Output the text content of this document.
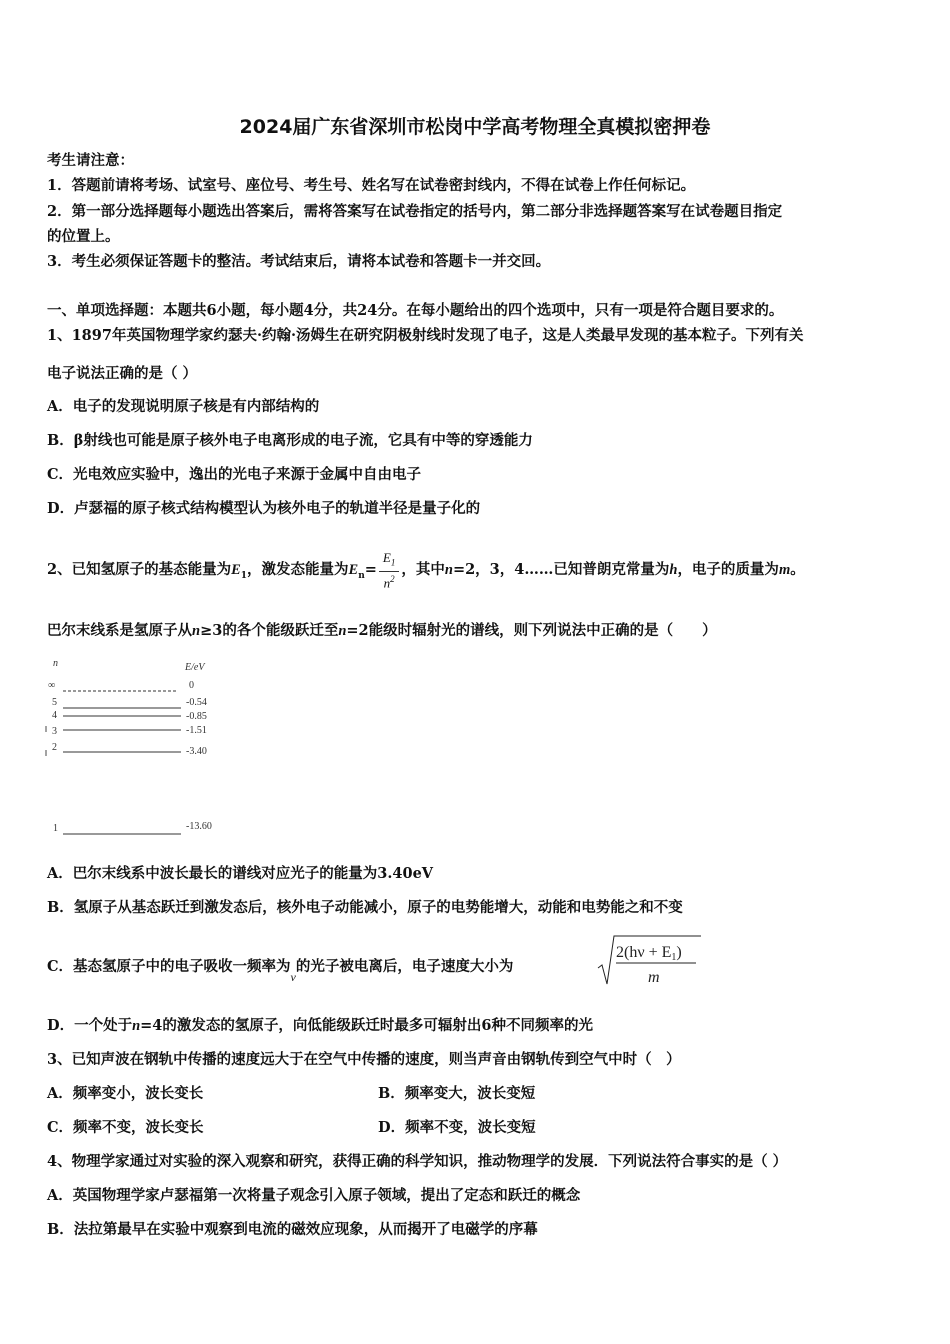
2024届广东省深圳市松岗中学高考物理全真模拟密押卷
考生请注意：
1．答题前请将考场、试室号、座位号、考生号、姓名写在试卷密封线内，不得在试卷上作任何标记。
2．第一部分选择题每小题选出答案后，需将答案写在试卷指定的括号内，第二部分非选择题答案写在试卷题目指定
的位置上。
3．考生必须保证答题卡的整洁。考试结束后，请将本试卷和答题卡一并交回。
一、单项选择题：本题共6小题，每小题4分，共24分。在每小题给出的四个选项中，只有一项是符合题目要求的。
1、1897年英国物理学家约瑟夫·约翰·汤姆生在研究阴极射线时发现了电子，这是人类最早发现的基本粒子。下列有关
电子说法正确的是（ ）
A．电子的发现说明原子核是有内部结构的
B．β射线也可能是原子核外电子电离形成的电子流，它具有中等的穿透能力
C．光电效应实验中，逸出的光电子来源于金属中自由电子
D．卢瑟福的原子核式结构模型认为核外电子的轨道半径是量子化的
2、已知氢原子的基态能量为$E_1$，激发态能量为$E_n= \frac{E_1}{n^2}$ ，其中n=2，3，4……已知普朗克常量为h，电子的质量为m。
巴尔末线系是氢原子从n≥3的各个能级跃迁至n=2能级时辐射光的谱线，则下列说法中正确的是（　　）
n	E/eV
∞	0
5	-0.54
4	-0.85
3	-1.51
2	-3.40
1	-13.60
A．巴尔末线系中波长最长的谱线对应光子的能量为3.40eV
B．氢原子从基态跃迁到激发态后，核外电子动能减小，原子的电势能增大，动能和电势能之和不变
C．基态氢原子中的电子吸收一频率为$_\nu$的光子被电离后，电子速度大小为
2(hν + E1)
m
D．一个处于n=4的激发态的氢原子，向低能级跃迁时最多可辐射出6种不同频率的光
3、已知声波在钢轨中传播的速度远大于在空气中传播的速度，则当声音由钢轨传到空气中时（　）
A．频率变小，波长变长	B．频率变大，波长变短
C．频率不变，波长变长	D．频率不变，波长变短
4、物理学家通过对实验的深入观察和研究，获得正确的科学知识，推动物理学的发展．下列说法符合事实的是（ ）
A．英国物理学家卢瑟福第一次将量子观念引入原子领域，提出了定态和跃迁的概念
B．法拉第最早在实验中观察到电流的磁效应现象，从而揭开了电磁学的序幕
